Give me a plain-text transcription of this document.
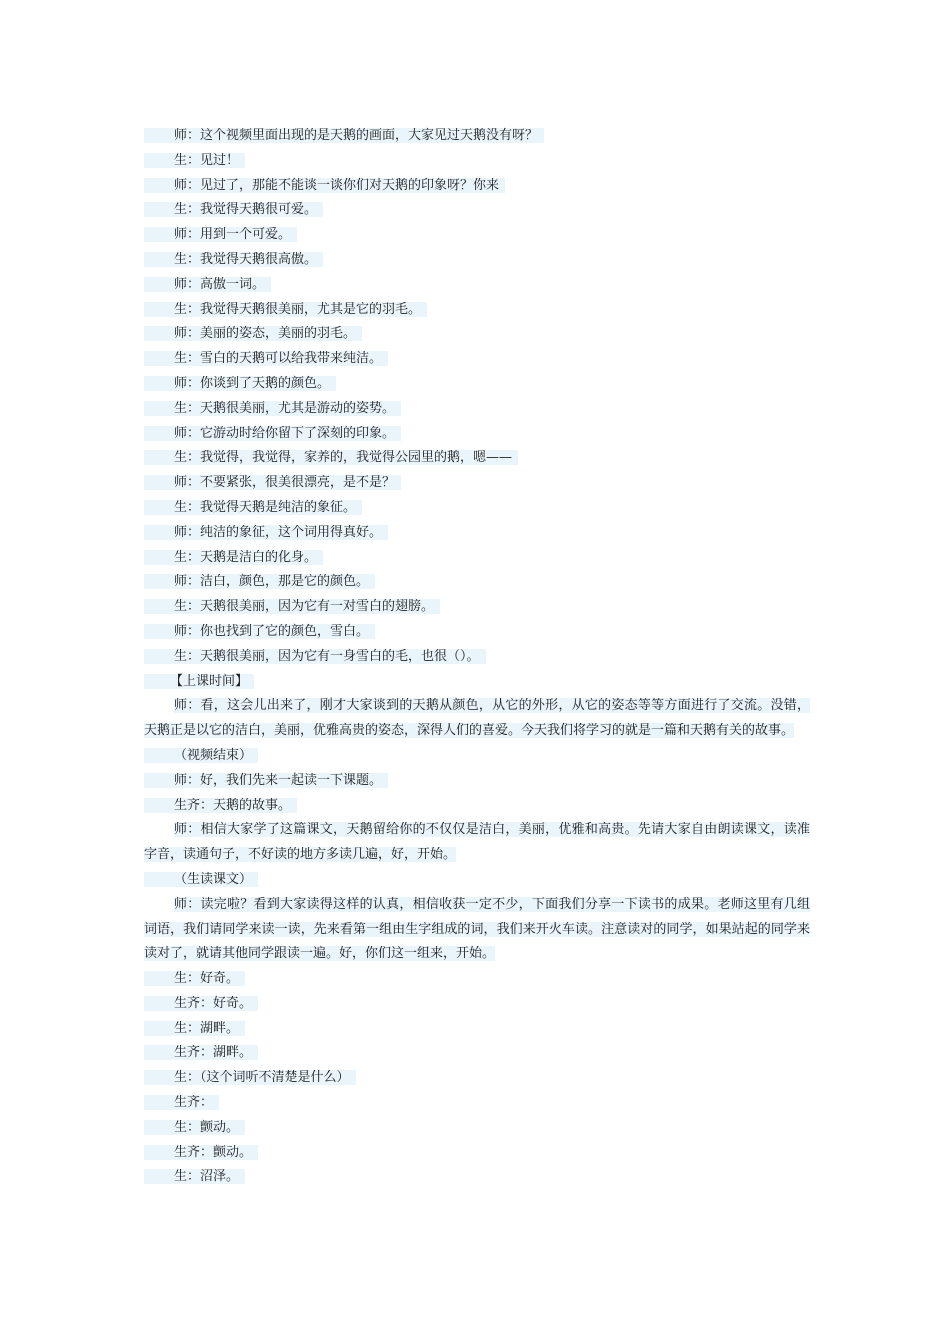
师：这个视频里面出现的是天鹅的画面，大家见过天鹅没有呀？
生：见过！
师：见过了，那能不能谈一谈你们对天鹅的印象呀？你来
生：我觉得天鹅很可爱。
师：用到一个可爱。
生：我觉得天鹅很高傲。
师：高傲一词。
生：我觉得天鹅很美丽，尤其是它的羽毛。
师：美丽的姿态，美丽的羽毛。
生：雪白的天鹅可以给我带来纯洁。
师：你谈到了天鹅的颜色。
生：天鹅很美丽，尤其是游动的姿势。
师：它游动时给你留下了深刻的印象。
生：我觉得，我觉得，家养的，我觉得公园里的鹅，嗯——
师：不要紧张，很美很漂亮，是不是？
生：我觉得天鹅是纯洁的象征。
师：纯洁的象征，这个词用得真好。
生：天鹅是洁白的化身。
师：洁白，颜色，那是它的颜色。
生：天鹅很美丽，因为它有一对雪白的翅膀。
师：你也找到了它的颜色，雪白。
生：天鹅很美丽，因为它有一身雪白的毛，也很（）。
【上课时间】

师：看，这会儿出来了，刚才大家谈到的天鹅从颜色，从它的外形，从它的姿态等等方面进行了交流。没错，天鹅正是以它的洁白，美丽，优雅高贵的姿态，深得人们的喜爱。今天我们将学习的就是一篇和天鹅有关的故事。

（视频结束）
师：好，我们先来一起读一下课题。
生齐：天鹅的故事。

师：相信大家学了这篇课文，天鹅留给你的不仅仅是洁白，美丽，优雅和高贵。先请大家自由朗读课文，读准字音，读通句子，不好读的地方多读几遍，好，开始。

（生读课文）

师：读完啦？看到大家读得这样的认真，相信收获一定不少，下面我们分享一下读书的成果。老师这里有几组词语，我们请同学来读一读，先来看第一组由生字组成的词，我们来开火车读。注意读对的同学，如果站起的同学来读对了，就请其他同学跟读一遍。好，你们这一组来，开始。

生：好奇。
生齐：好奇。
生：湖畔。
生齐：湖畔。
生：（这个词听不清楚是什么）
生齐：
生：颤动。
生齐：颤动。
生：沼泽。
